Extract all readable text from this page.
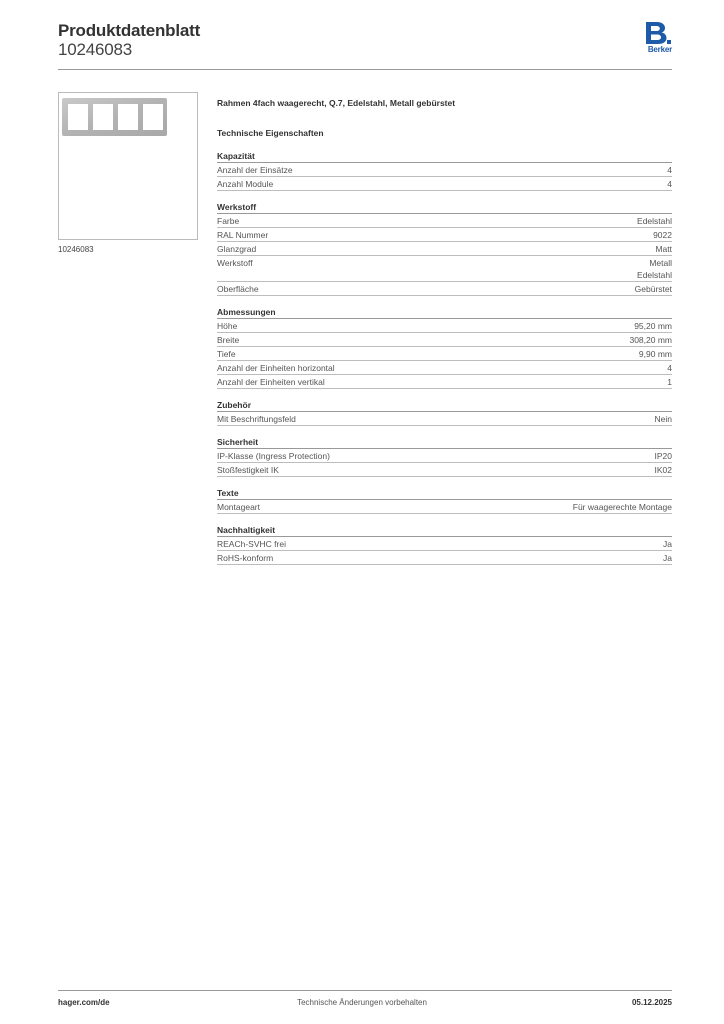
Produktdatenblatt
10246083	Berker
10246083
Rahmen 4fach waagerecht, Q.7, Edelstahl, Metall gebürstet
Technische Eigenschaften
Kapazität
Anzahl der Einsätze	4
Anzahl Module	4
Werkstoff
Farbe	Edelstahl
RAL Nummer	9022
Glanzgrad	Matt
Werkstoff	Metall
Edelstahl
Oberfläche	Gebürstet
Abmessungen
Höhe	95,20 mm
Breite	308,20 mm
Tiefe	9,90 mm
Anzahl der Einheiten horizontal	4
Anzahl der Einheiten vertikal	1
Zubehör
Mit Beschriftungsfeld	Nein
Sicherheit
IP-Klasse (Ingress Protection)	IP20
Stoßfestigkeit IK	IK02
Texte
Montageart	Für waagerechte Montage
Nachhaltigkeit
REACh-SVHC frei	Ja
RoHS-konform	Ja
hager.com/de	Technische Änderungen vorbehalten	05.12.2025
